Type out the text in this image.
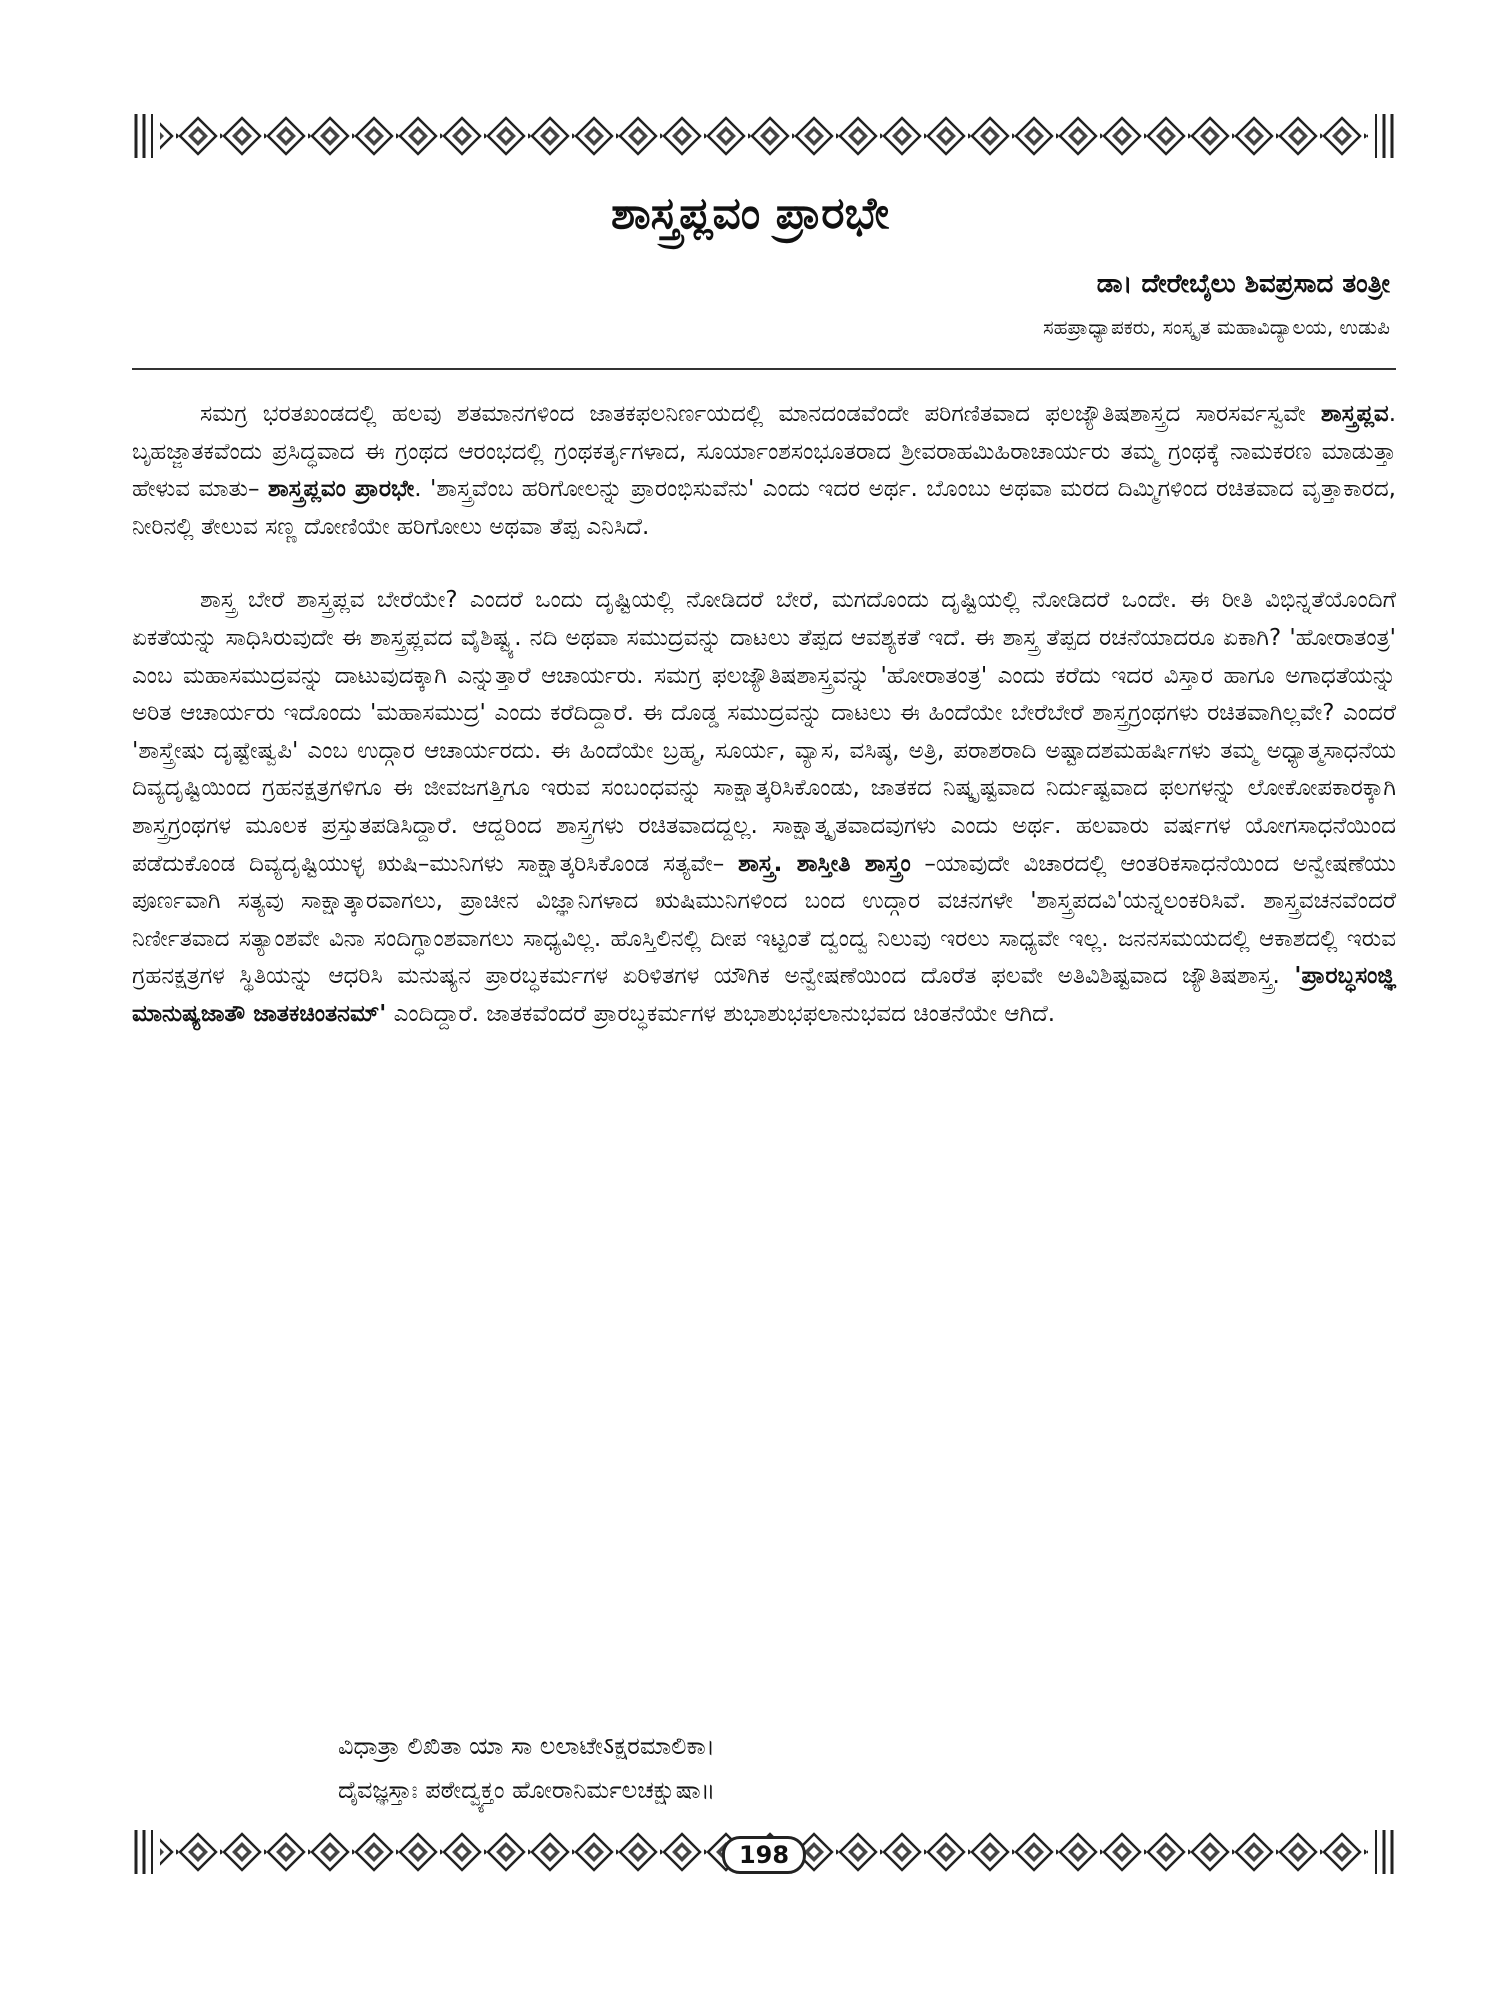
ಶಾಸ್ತ್ರಪ್ಲವಂ ಪ್ರಾರಭೇ
ಡಾ। ದೇರೇಬೈಲು ಶಿವಪ್ರಸಾದ ತಂತ್ರೀ
ಸಹಪ್ರಾಧ್ಯಾಪಕರು, ಸಂಸ್ಕೃತ ಮಹಾವಿದ್ಯಾಲಯ, ಉಡುಪಿ

ಸಮಗ್ರ ಭರತಖಂಡದಲ್ಲಿ ಹಲವು ಶತಮಾನಗಳಿಂದ ಜಾತಕಫಲನಿರ್ಣಯದಲ್ಲಿ ಮಾನದಂಡವೆಂದೇ ಪರಿಗಣಿತವಾದ ಫಲಜ್ಯೌತಿಷಶಾಸ್ತ್ರದ ಸಾರಸರ್ವಸ್ವವೇ ಶಾಸ್ತ್ರಪ್ಲವ. ಬೃಹಜ್ಜಾತಕವೆಂದು ಪ್ರಸಿದ್ಧವಾದ ಈ ಗ್ರಂಥದ ಆರಂಭದಲ್ಲಿ ಗ್ರಂಥಕರ್ತೃಗಳಾದ, ಸೂರ್ಯಾಂಶಸಂಭೂತರಾದ ಶ್ರೀವರಾಹಮಿಹಿರಾಚಾರ್ಯರು ತಮ್ಮ ಗ್ರಂಥಕ್ಕೆ ನಾಮಕರಣ ಮಾಡುತ್ತಾ ಹೇಳುವ ಮಾತು– ಶಾಸ್ತ್ರಪ್ಲವಂ ಪ್ರಾರಭೇ. 'ಶಾಸ್ತ್ರವೆಂಬ ಹರಿಗೋಲನ್ನು ಪ್ರಾರಂಭಿಸುವೆನು' ಎಂದು ಇದರ ಅರ್ಥ. ಬೊಂಬು ಅಥವಾ ಮರದ ದಿಮ್ಮಿಗಳಿಂದ ರಚಿತವಾದ ವೃತ್ತಾಕಾರದ, ನೀರಿನಲ್ಲಿ ತೇಲುವ ಸಣ್ಣ ದೋಣಿಯೇ ಹರಿಗೋಲು ಅಥವಾ ತೆಪ್ಪ ಎನಿಸಿದೆ.

ಶಾಸ್ತ್ರ ಬೇರೆ ಶಾಸ್ತ್ರಪ್ಲವ ಬೇರೆಯೇ? ಎಂದರೆ ಒಂದು ದೃಷ್ಟಿಯಲ್ಲಿ ನೋಡಿದರೆ ಬೇರೆ, ಮಗದೊಂದು ದೃಷ್ಟಿಯಲ್ಲಿ ನೋಡಿದರೆ ಒಂದೇ. ಈ ರೀತಿ ವಿಭಿನ್ನತೆಯೊಂದಿಗೆ ಏಕತೆಯನ್ನು ಸಾಧಿಸಿರುವುದೇ ಈ ಶಾಸ್ತ್ರಪ್ಲವದ ವೈಶಿಷ್ಟ್ಯ. ನದಿ ಅಥವಾ ಸಮುದ್ರವನ್ನು ದಾಟಲು ತೆಪ್ಪದ ಆವಶ್ಯಕತೆ ಇದೆ. ಈ ಶಾಸ್ತ್ರ ತೆಪ್ಪದ ರಚನೆಯಾದರೂ ಏಕಾಗಿ? 'ಹೋರಾತಂತ್ರ' ಎಂಬ ಮಹಾಸಮುದ್ರವನ್ನು ದಾಟುವುದಕ್ಕಾಗಿ ಎನ್ನುತ್ತಾರೆ ಆಚಾರ್ಯರು. ಸಮಗ್ರ ಫಲಜ್ಯೌತಿಷಶಾಸ್ತ್ರವನ್ನು 'ಹೋರಾತಂತ್ರ' ಎಂದು ಕರೆದು ಇದರ ವಿಸ್ತಾರ ಹಾಗೂ ಅಗಾಧತೆಯನ್ನು ಅರಿತ ಆಚಾರ್ಯರು ಇದೊಂದು 'ಮಹಾಸಮುದ್ರ' ಎಂದು ಕರೆದಿದ್ದಾರೆ. ಈ ದೊಡ್ಡ ಸಮುದ್ರವನ್ನು ದಾಟಲು ಈ ಹಿಂದೆಯೇ ಬೇರೆಬೇರೆ ಶಾಸ್ತ್ರಗ್ರಂಥಗಳು ರಚಿತವಾಗಿಲ್ಲವೇ? ಎಂದರೆ 'ಶಾಸ್ತ್ರೇಷು ದೃಷ್ಟೇಷ್ವಪಿ' ಎಂಬ ಉದ್ಗಾರ ಆಚಾರ್ಯರದು. ಈ ಹಿಂದೆಯೇ ಬ್ರಹ್ಮ, ಸೂರ್ಯ, ವ್ಯಾಸ, ವಸಿಷ್ಠ, ಅತ್ರಿ, ಪರಾಶರಾದಿ ಅಷ್ಟಾದಶಮಹರ್ಷಿಗಳು ತಮ್ಮ ಅಧ್ಯಾತ್ಮಸಾಧನೆಯ ದಿವ್ಯದೃಷ್ಟಿಯಿಂದ ಗ್ರಹನಕ್ಷತ್ರಗಳಿಗೂ ಈ ಜೀವಜಗತ್ತಿಗೂ ಇರುವ ಸಂಬಂಧವನ್ನು ಸಾಕ್ಷಾತ್ಕರಿಸಿಕೊಂಡು, ಜಾತಕದ ನಿಷ್ಕೃಷ್ಟವಾದ ನಿರ್ದುಷ್ಟವಾದ ಫಲಗಳನ್ನು ಲೋಕೋಪಕಾರಕ್ಕಾಗಿ ಶಾಸ್ತ್ರಗ್ರಂಥಗಳ ಮೂಲಕ ಪ್ರಸ್ತುತಪಡಿಸಿದ್ದಾರೆ. ಆದ್ದರಿಂದ ಶಾಸ್ತ್ರಗಳು ರಚಿತವಾದದ್ದಲ್ಲ. ಸಾಕ್ಷಾತ್ಕೃತವಾದವುಗಳು ಎಂದು ಅರ್ಥ. ಹಲವಾರು ವರ್ಷಗಳ ಯೋಗಸಾಧನೆಯಿಂದ ಪಡೆದುಕೊಂಡ ದಿವ್ಯದೃಷ್ಟಿಯುಳ್ಳ ಋಷಿ–ಮುನಿಗಳು ಸಾಕ್ಷಾತ್ಕರಿಸಿಕೊಂಡ ಸತ್ಯವೇ– ಶಾಸ್ತ್ರ. ಶಾಸ್ತೀತಿ ಶಾಸ್ತ್ರಂ –ಯಾವುದೇ ವಿಚಾರದಲ್ಲಿ ಆಂತರಿಕಸಾಧನೆಯಿಂದ ಅನ್ವೇಷಣೆಯು ಪೂರ್ಣವಾಗಿ ಸತ್ಯವು ಸಾಕ್ಷಾತ್ಕಾರವಾಗಲು, ಪ್ರಾಚೀನ ವಿಜ್ಞಾನಿಗಳಾದ ಋಷಿಮುನಿಗಳಿಂದ ಬಂದ ಉದ್ಗಾರ ವಚನಗಳೇ 'ಶಾಸ್ತ್ರಪದವಿ'ಯನ್ನಲಂಕರಿಸಿವೆ. ಶಾಸ್ತ್ರವಚನವೆಂದರೆ ನಿರ್ಣೀತವಾದ ಸತ್ಯಾಂಶವೇ ವಿನಾ ಸಂದಿಗ್ಧಾಂಶವಾಗಲು ಸಾಧ್ಯವಿಲ್ಲ. ಹೊಸ್ತಿಲಿನಲ್ಲಿ ದೀಪ ಇಟ್ಟಂತೆ ದ್ವಂದ್ವ ನಿಲುವು ಇರಲು ಸಾಧ್ಯವೇ ಇಲ್ಲ. ಜನನಸಮಯದಲ್ಲಿ ಆಕಾಶದಲ್ಲಿ ಇರುವ ಗ್ರಹನಕ್ಷತ್ರಗಳ ಸ್ಥಿತಿಯನ್ನು ಆಧರಿಸಿ ಮನುಷ್ಯನ ಪ್ರಾರಬ್ಧಕರ್ಮಗಳ ಏರಿಳಿತಗಳ ಯೌಗಿಕ ಅನ್ವೇಷಣೆಯಿಂದ ದೊರೆತ ಫಲವೇ ಅತಿವಿಶಿಷ್ಟವಾದ ಜ್ಯೌತಿಷಶಾಸ್ತ್ರ. 'ಪ್ರಾರಬ್ಧಸಂಜ್ಞಿ ಮಾನುಷ್ಯಜಾತೌ ಜಾತಕಚಿಂತನಮ್' ಎಂದಿದ್ದಾರೆ. ಜಾತಕವೆಂದರೆ ಪ್ರಾರಬ್ಧಕರ್ಮಗಳ ಶುಭಾಶುಭಫಲಾನುಭವದ ಚಿಂತನೆಯೇ ಆಗಿದೆ.

ವಿಧಾತ್ರಾ ಲಿಖಿತಾ ಯಾ ಸಾ ಲಲಾಟೇऽಕ್ಷರಮಾಲಿಕಾ।
ದೈವಜ್ಞಸ್ತಾಃ ಪಠೇದ್ವ್ಯಕ್ತಂ ಹೋರಾನಿರ್ಮಲಚಕ್ಷುಷಾ॥
198
